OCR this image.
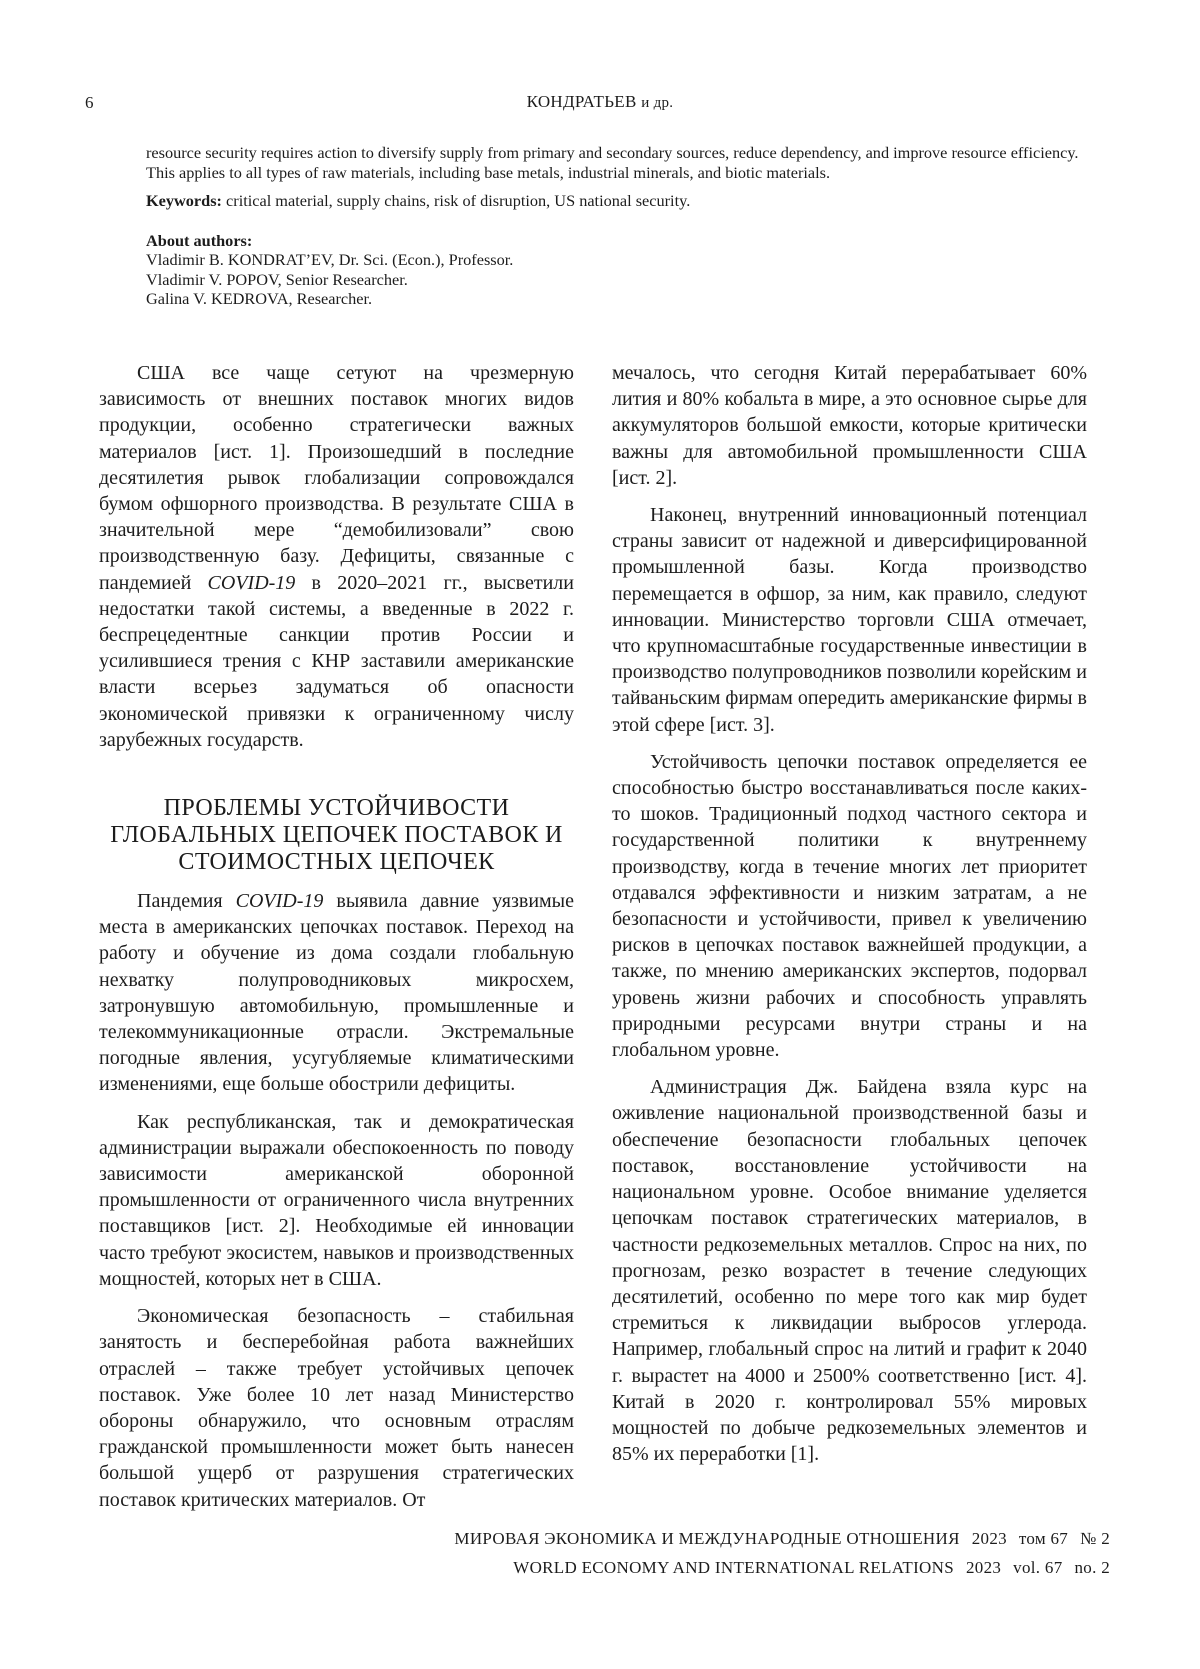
6	КОНДРАТЬЕВ и др.

resource security requires action to diversify supply from primary and secondary sources, reduce dependency, and improve resource efficiency. This applies to all types of raw materials, including base metals, industrial minerals, and biotic materials.

Keywords: critical material, supply chains, risk of disruption, US national security.

About authors:
Vladimir B. KONDRAT’EV, Dr. Sci. (Econ.), Professor.
Vladimir V. POPOV, Senior Researcher.
Galina V. KEDROVA, Researcher.

США все чаще сетуют на чрезмерную зависимость от внешних поставок многих видов продукции, особенно стратегически важных материалов [ист. 1]. Произошедший в последние десятилетия рывок глобализации сопровождался бумом офшорного производства. В результате США в значительной мере “демобилизовали” свою производственную базу. Дефициты, связанные с пандемией COVID-19 в 2020–2021 гг., высветили недостатки такой системы, а введенные в 2022 г. беспрецедентные санкции против России и усилившиеся трения с КНР заставили американские власти всерьез задуматься об опасности экономической привязки к ограниченному числу зарубежных государств.

ПРОБЛЕМЫ УСТОЙЧИВОСТИ ГЛОБАЛЬНЫХ ЦЕПОЧЕК ПОСТАВОК И СТОИМОСТНЫХ ЦЕПОЧЕК

Пандемия COVID-19 выявила давние уязвимые места в американских цепочках поставок. Переход на работу и обучение из дома создали глобальную нехватку полупроводниковых микросхем, затронувшую автомобильную, промышленные и телекоммуникационные отрасли. Экстремальные погодные явления, усугубляемые климатическими изменениями, еще больше обострили дефициты.

Как республиканская, так и демократическая администрации выражали обеспокоенность по поводу зависимости американской оборонной промышленности от ограниченного числа внутренних поставщиков [ист. 2]. Необходимые ей инновации часто требуют экосистем, навыков и производственных мощностей, которых нет в США.

Экономическая безопасность – стабильная занятость и бесперебойная работа важнейших отраслей – также требует устойчивых цепочек поставок. Уже более 10 лет назад Министерство обороны обнаружило, что основным отраслям гражданской промышленности может быть нанесен большой ущерб от разрушения стратегических поставок критических материалов. От

мечалось, что сегодня Китай перерабатывает 60% лития и 80% кобальта в мире, а это основное сырье для аккумуляторов большой емкости, которые критически важны для автомобильной промышленности США [ист. 2].

Наконец, внутренний инновационный потенциал страны зависит от надежной и диверсифицированной промышленной базы. Когда производство перемещается в офшор, за ним, как правило, следуют инновации. Министерство торговли США отмечает, что крупномасштабные государственные инвестиции в производство полупроводников позволили корейским и тайваньским фирмам опередить американские фирмы в этой сфере [ист. 3].

Устойчивость цепочки поставок определяется ее способностью быстро восстанавливаться после каких-то шоков. Традиционный подход частного сектора и государственной политики к внутреннему производству, когда в течение многих лет приоритет отдавался эффективности и низким затратам, а не безопасности и устойчивости, привел к увеличению рисков в цепочках поставок важнейшей продукции, а также, по мнению американских экспертов, подорвал уровень жизни рабочих и способность управлять природными ресурсами внутри страны и на глобальном уровне.

Администрация Дж. Байдена взяла курс на оживление национальной производственной базы и обеспечение безопасности глобальных цепочек поставок, восстановление устойчивости на национальном уровне. Особое внимание уделяется цепочкам поставок стратегических материалов, в частности редкоземельных металлов. Спрос на них, по прогнозам, резко возрастет в течение следующих десятилетий, особенно по мере того как мир будет стремиться к ликвидации выбросов углерода. Например, глобальный спрос на литий и графит к 2040 г. вырастет на 4000 и 2500% соответственно [ист. 4]. Китай в 2020 г. контролировал 55% мировых мощностей по добыче редкоземельных элементов и 85% их переработки [1].

МИРОВАЯ ЭКОНОМИКА И МЕЖДУНАРОДНЫЕ ОТНОШЕНИЯ 2023 том 67 № 2
WORLD ECONOMY AND INTERNATIONAL RELATIONS 2023 vol. 67 no. 2
